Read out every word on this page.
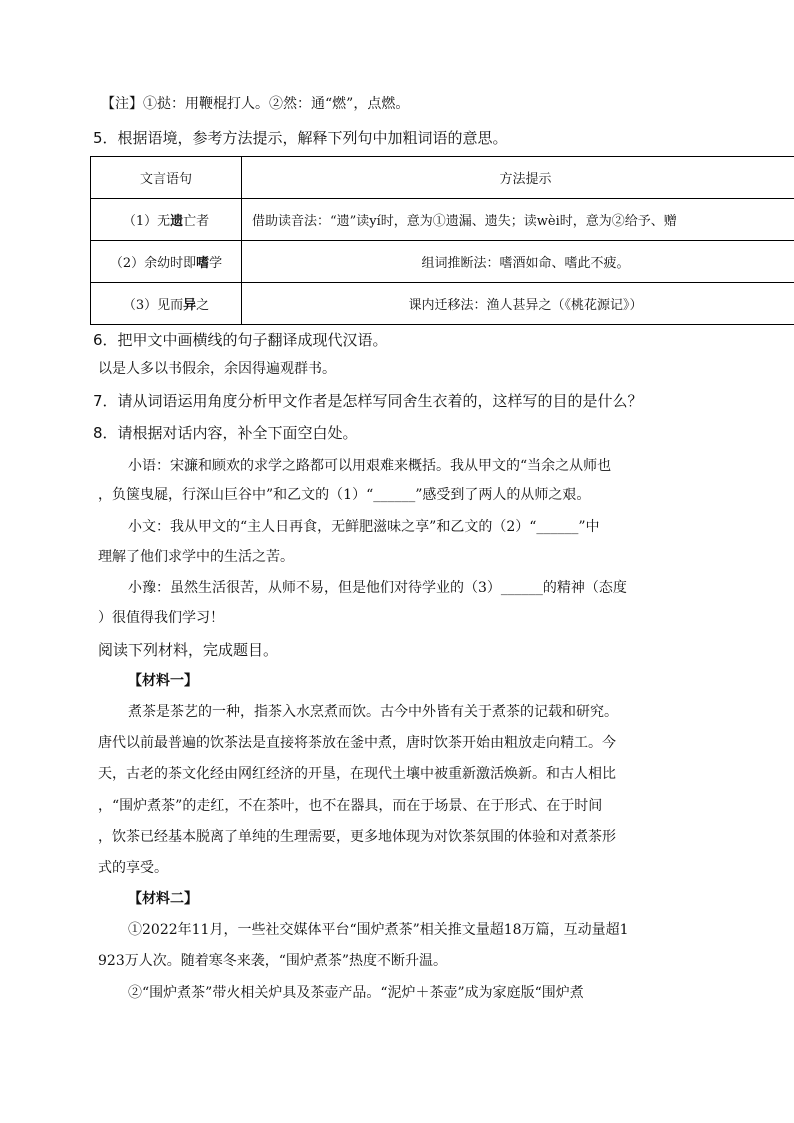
【注】①挞：用鞭棍打人。②然：通“燃”，点燃。
5．根据语境，参考方法提示，解释下列句中加粗词语的意思。
文言语句	方法提示
（1）无遗亡者	借助读音法：“遗”读yí时，意为①遗漏、遗失；读wèi时，意为②给予、赠
（2）余幼时即嗜学	组词推断法：嗜酒如命、嗜此不疲。
（3）见而异之	课内迁移法：渔人甚异之（《桃花源记》）
6．把甲文中画横线的句子翻译成现代汉语。
以是人多以书假余，余因得遍观群书。
7．请从词语运用角度分析甲文作者是怎样写同舍生衣着的，这样写的目的是什么？
8．请根据对话内容，补全下面空白处。
小语：宋濂和顾欢的求学之路都可以用艰难来概括。我从甲文的“当余之从师也
，负箧曳屣，行深山巨谷中”和乙文的（1）“______”感受到了两人的从师之艰。
小文：我从甲文的“主人日再食，无鲜肥滋味之享”和乙文的（2）“______”中
理解了他们求学中的生活之苦。
小豫：虽然生活很苦，从师不易，但是他们对待学业的（3）______的精神（态度
）很值得我们学习！
阅读下列材料，完成题目。
【材料一】
煮茶是茶艺的一种，指茶入水烹煮而饮。古今中外皆有关于煮茶的记载和研究。
唐代以前最普遍的饮茶法是直接将茶放在釜中煮，唐时饮茶开始由粗放走向精工。今
天，古老的茶文化经由网红经济的开垦，在现代土壤中被重新激活焕新。和古人相比
，“围炉煮茶”的走红，不在茶叶，也不在器具，而在于场景、在于形式、在于时间
，饮茶已经基本脱离了单纯的生理需要，更多地体现为对饮茶氛围的体验和对煮茶形
式的享受。
【材料二】
①2022年11月，一些社交媒体平台“围炉煮茶”相关推文量超18万篇，互动量超1
923万人次。随着寒冬来袭，“围炉煮茶”热度不断升温。
②“围炉煮茶”带火相关炉具及茶壶产品。“泥炉＋茶壶”成为家庭版“围炉煮
